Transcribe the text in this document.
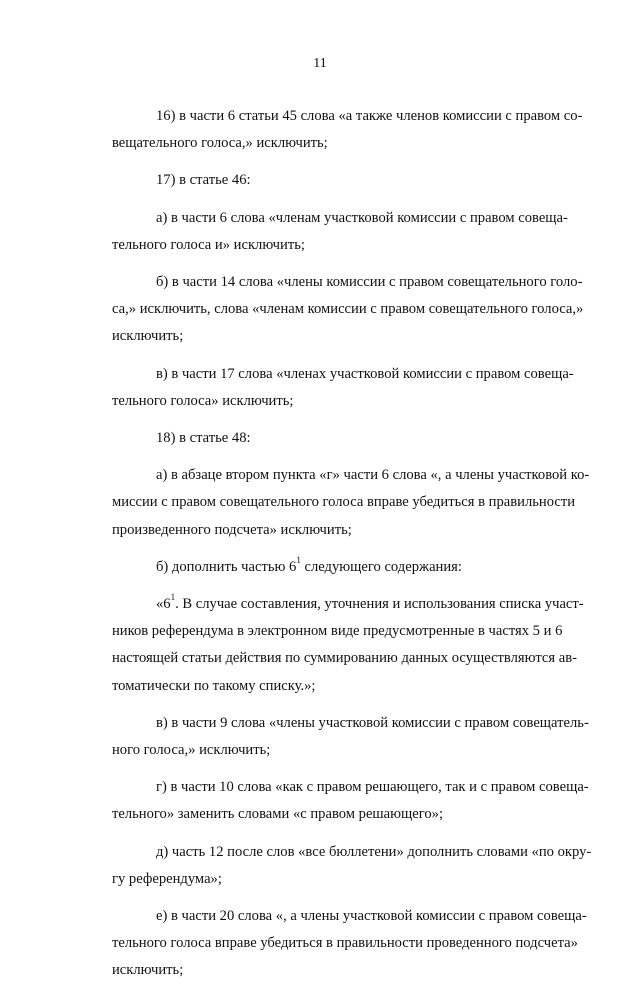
11
16) в части 6 статьи 45 слова «а также членов комиссии с правом со-
вещательного голоса,» исключить;
17) в статье 46:
а) в части 6 слова «членам участковой комиссии с правом совеща-
тельного голоса и» исключить;
б) в части 14 слова «члены комиссии с правом совещательного голо-
са,» исключить, слова «членам комиссии с правом совещательного голоса,»
исключить;
в) в части 17 слова «членах участковой комиссии с правом совеща-
тельного голоса» исключить;
18) в статье 48:
а) в абзаце втором пункта «г» части 6 слова «, а члены участковой ко-
миссии с правом совещательного голоса вправе убедиться в правильности
произведенного подсчета» исключить;
б) дополнить частью $6^1$ следующего содержания:
«$6^1$. В случае составления, уточнения и использования списка участ-
ников референдума в электронном виде предусмотренные в частях 5 и 6
настоящей статьи действия по суммированию данных осуществляются ав-
томатически по такому списку.»;
в) в части 9 слова «члены участковой комиссии с правом совещатель-
ного голоса,» исключить;
г) в части 10 слова «как с правом решающего, так и с правом совеща-
тельного» заменить словами «с правом решающего»;
д) часть 12 после слов «все бюллетени» дополнить словами «по окру-
гу референдума»;
е) в части 20 слова «, а члены участковой комиссии с правом совеща-
тельного голоса вправе убедиться в правильности проведенного подсчета»
исключить;
